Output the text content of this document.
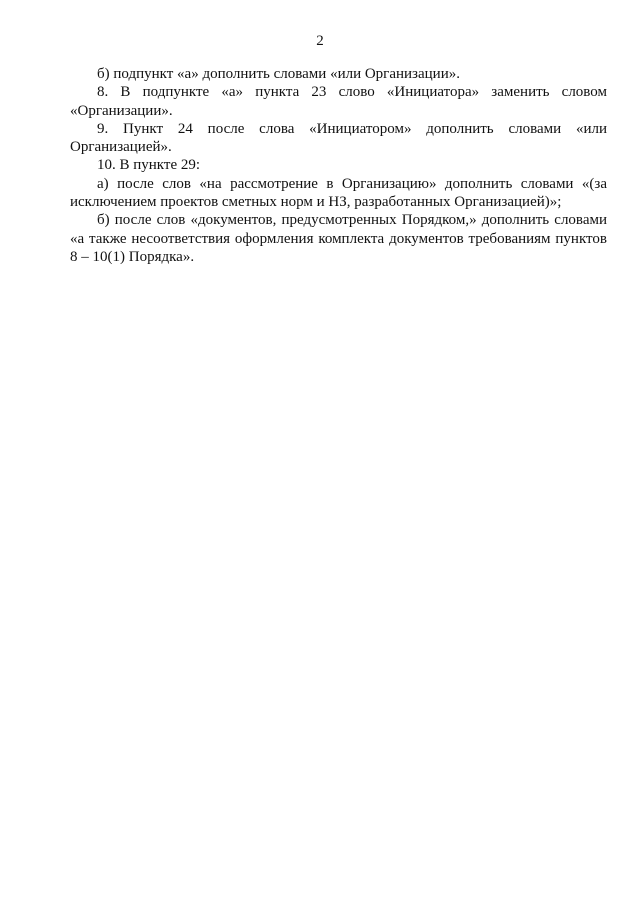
2

б) подпункт «а» дополнить словами «или Организации».

8. В подпункте «а» пункта 23 слово «Инициатора» заменить словом «Организации».

9. Пункт 24 после слова «Инициатором» дополнить словами «или Организацией».

10. В пункте 29:

а) после слов «на рассмотрение в Организацию» дополнить словами «(за исключением проектов сметных норм и НЗ, разработанных Организацией)»;

б) после слов «документов, предусмотренных Порядком,» дополнить словами «а также несоответствия оформления комплекта документов требованиям пунктов 8 – 10(1) Порядка».
